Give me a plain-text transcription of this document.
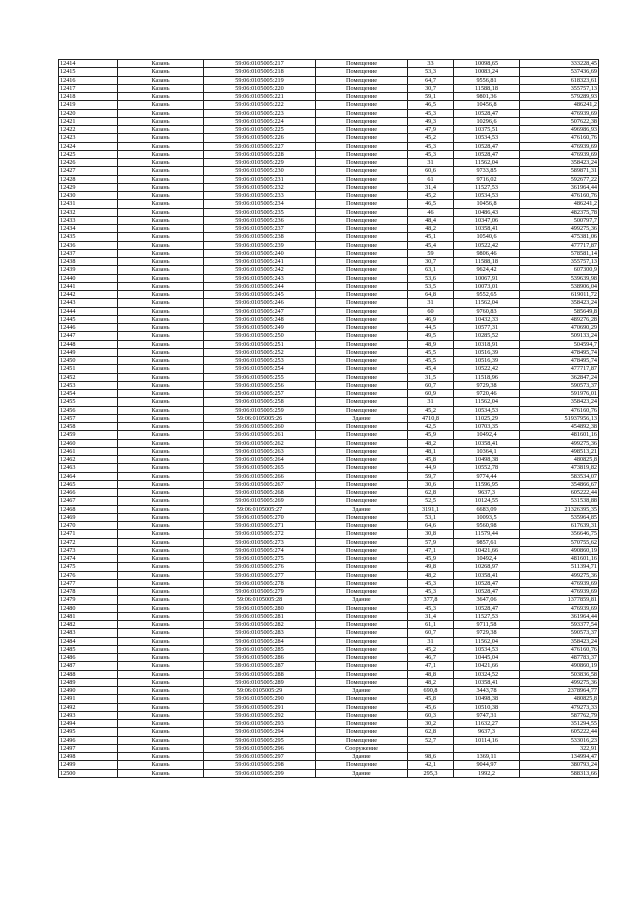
12414	Казань	59:06:0105005:217	Помещение	33	10098,65	333228,45
12415	Казань	59:06:0105005:218	Помещение	53,3	10083,24	537436,69
12416	Казань	59:06:0105005:219	Помещение	64,7	9556,81	618323,61
12417	Казань	59:06:0105005:220	Помещение	30,7	11588,18	355757,13
12418	Казань	59:06:0105005:221	Помещение	59,1	9801,36	579289,93
12419	Казань	59:06:0105005:222	Помещение	46,5	10456,8	486241,2
12420	Казань	59:06:0105005:223	Помещение	45,3	10528,47	476939,69
12421	Казань	59:06:0105005:224	Помещение	49,3	10296,6	507622,38
12422	Казань	59:06:0105005:225	Помещение	47,9	10375,51	496986,93
12423	Казань	59:06:0105005:226	Помещение	45,2	10534,53	476160,76
12424	Казань	59:06:0105005:227	Помещение	45,3	10528,47	476939,69
12425	Казань	59:06:0105005:228	Помещение	45,3	10528,47	476939,69
12426	Казань	59:06:0105005:229	Помещение	31	11562,04	358423,24
12427	Казань	59:06:0105005:230	Помещение	60,6	9733,85	589871,31
12428	Казань	59:06:0105005:231	Помещение	61	9716,02	592677,22
12429	Казань	59:06:0105005:232	Помещение	31,4	11527,53	361964,44
12430	Казань	59:06:0105005:233	Помещение	45,2	10534,53	476160,76
12431	Казань	59:06:0105005:234	Помещение	46,5	10456,8	486241,2
12432	Казань	59:06:0105005:235	Помещение	46	10486,43	482375,78
12433	Казань	59:06:0105005:236	Помещение	48,4	10347,06	500797,7
12434	Казань	59:06:0105005:237	Помещение	48,2	10358,41	499275,36
12435	Казань	59:06:0105005:238	Помещение	45,1	10540,6	475381,06
12436	Казань	59:06:0105005:239	Помещение	45,4	10522,42	477717,87
12437	Казань	59:06:0105005:240	Помещение	59	9806,46	578581,14
12438	Казань	59:06:0105005:241	Помещение	30,7	11588,18	355757,13
12439	Казань	59:06:0105005:242	Помещение	63,1	9624,42	607300,9
12440	Казань	59:06:0105005:243	Помещение	53,6	10067,91	539639,98
12441	Казань	59:06:0105005:244	Помещение	53,5	10073,01	538906,04
12442	Казань	59:06:0105005:245	Помещение	64,8	9552,65	619011,72
12443	Казань	59:06:0105005:246	Помещение	31	11562,04	358423,24
12444	Казань	59:06:0105005:247	Помещение	60	9760,83	585649,8
12445	Казань	59:06:0105005:248	Помещение	46,9	10432,33	489276,28
12446	Казань	59:06:0105005:249	Помещение	44,5	10577,31	470690,29
12447	Казань	59:06:0105005:250	Помещение	49,5	10285,52	509133,24
12448	Казань	59:06:0105005:251	Помещение	48,9	10318,91	504594,7
12449	Казань	59:06:0105005:252	Помещение	45,5	10516,39	478495,74
12450	Казань	59:06:0105005:253	Помещение	45,5	10516,39	478495,74
12451	Казань	59:06:0105005:254	Помещение	45,4	10522,42	477717,87
12452	Казань	59:06:0105005:255	Помещение	31,5	11518,96	362847,24
12453	Казань	59:06:0105005:256	Помещение	60,7	9729,38	590573,37
12454	Казань	59:06:0105005:257	Помещение	60,9	9720,46	591976,01
12455	Казань	59:06:0105005:258	Помещение	31	11562,04	358423,24
12456	Казань	59:06:0105005:259	Помещение	45,2	10534,53	476160,76
12457	Казань	59:06:0105005:26	Здание	4710,8	11025,29	51937956,13
12458	Казань	59:06:0105005:260	Помещение	42,5	10703,35	454892,38
12459	Казань	59:06:0105005:261	Помещение	45,9	10492,4	481601,16
12460	Казань	59:06:0105005:262	Помещение	48,2	10358,41	499275,36
12461	Казань	59:06:0105005:263	Помещение	48,1	10364,1	498513,21
12462	Казань	59:06:0105005:264	Помещение	45,8	10498,38	480825,8
12463	Казань	59:06:0105005:265	Помещение	44,9	10552,78	473819,82
12464	Казань	59:06:0105005:266	Помещение	59,7	9774,44	583534,07
12465	Казань	59:06:0105005:267	Помещение	30,6	11596,95	354866,67
12466	Казань	59:06:0105005:268	Помещение	62,8	9637,3	605222,44
12467	Казань	59:06:0105005:269	Помещение	52,5	10124,55	531538,88
12468	Казань	59:06:0105005:27	Здание	3191,1	6683,09	21326395,35
12469	Казань	59:06:0105005:270	Помещение	53,1	10093,5	535964,85
12470	Казань	59:06:0105005:271	Помещение	64,6	9560,98	617639,31
12471	Казань	59:06:0105005:272	Помещение	30,8	11579,44	356646,75
12472	Казань	59:06:0105005:273	Помещение	57,9	9857,61	570755,62
12473	Казань	59:06:0105005:274	Помещение	47,1	10421,66	490860,19
12474	Казань	59:06:0105005:275	Помещение	45,9	10492,4	481601,16
12475	Казань	59:06:0105005:276	Помещение	49,8	10268,97	511394,71
12476	Казань	59:06:0105005:277	Помещение	48,2	10358,41	499275,36
12477	Казань	59:06:0105005:278	Помещение	45,3	10528,47	476939,69
12478	Казань	59:06:0105005:279	Помещение	45,3	10528,47	476939,69
12479	Казань	59:06:0105005:28	Здание	377,8	3647,06	1377859,81
12480	Казань	59:06:0105005:280	Помещение	45,3	10528,47	476939,69
12481	Казань	59:06:0105005:281	Помещение	31,4	11527,53	361964,44
12482	Казань	59:06:0105005:282	Помещение	61,1	9711,58	593377,54
12483	Казань	59:06:0105005:283	Помещение	60,7	9729,38	590573,37
12484	Казань	59:06:0105005:284	Помещение	31	11562,04	358423,24
12485	Казань	59:06:0105005:285	Помещение	45,2	10534,53	476160,76
12486	Казань	59:06:0105005:286	Помещение	46,7	10445,04	487783,37
12487	Казань	59:06:0105005:287	Помещение	47,1	10421,66	490860,19
12488	Казань	59:06:0105005:288	Помещение	48,8	10324,52	503836,58
12489	Казань	59:06:0105005:289	Помещение	48,2	10358,41	499275,36
12490	Казань	59:06:0105005:29	Здание	690,8	3443,78	2378964,77
12491	Казань	59:06:0105005:290	Помещение	45,8	10498,38	480825,8
12492	Казань	59:06:0105005:291	Помещение	45,6	10510,38	479273,33
12493	Казань	59:06:0105005:292	Помещение	60,3	9747,31	587762,79
12494	Казань	59:06:0105005:293	Помещение	30,2	11632,27	351294,55
12495	Казань	59:06:0105005:294	Помещение	62,8	9637,3	605222,44
12496	Казань	59:06:0105005:295	Помещение	52,7	10114,16	533016,23
12497	Казань	59:06:0105005:296	Сооружение			322,91
12498	Казань	59:06:0105005:297	Здание	98,6	1369,11	134994,47
12499	Казань	59:06:0105005:298	Помещение	42,1	9044,97	380793,24
12500	Казань	59:06:0105005:299	Здание	295,3	1992,2	588313,66
